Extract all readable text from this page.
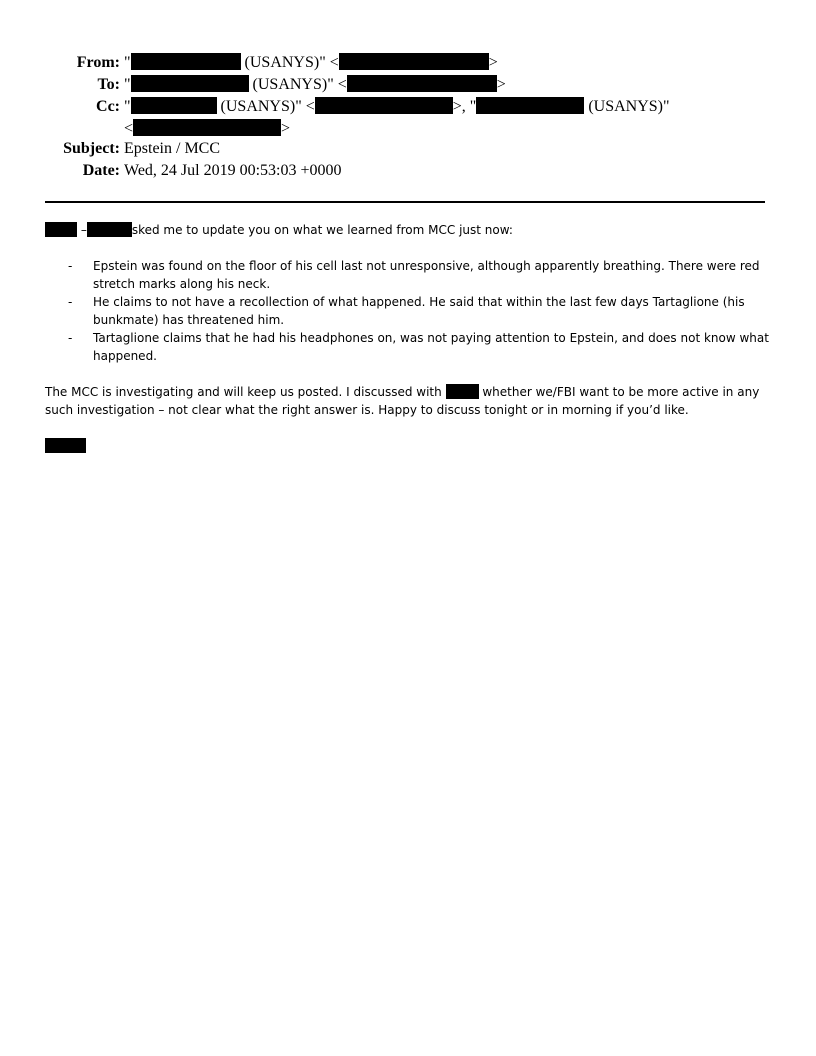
From: "	(USANYS)" <	>
To: "	(USANYS)" <	>
Cc: "	(USANYS)" <	>, "	(USANYS)"
<	>
Subject: Epstein / MCC
Date: Wed, 24 Jul 2019 00:53:03 +0000

–	sked me to update you on what we learned from MCC just now:

- Epstein was found on the floor of his cell last not unresponsive, although apparently breathing. There were red stretch marks along his neck.
- He claims to not have a recollection of what happened. He said that within the last few days Tartaglione (his bunkmate) has threatened him.
- Tartaglione claims that he had his headphones on, was not paying attention to Epstein, and does not know what happened.

The MCC is investigating and will keep us posted. I discussed with	whether we/FBI want to be more active in any such investigation – not clear what the right answer is. Happy to discuss tonight or in morning if you’d like.
